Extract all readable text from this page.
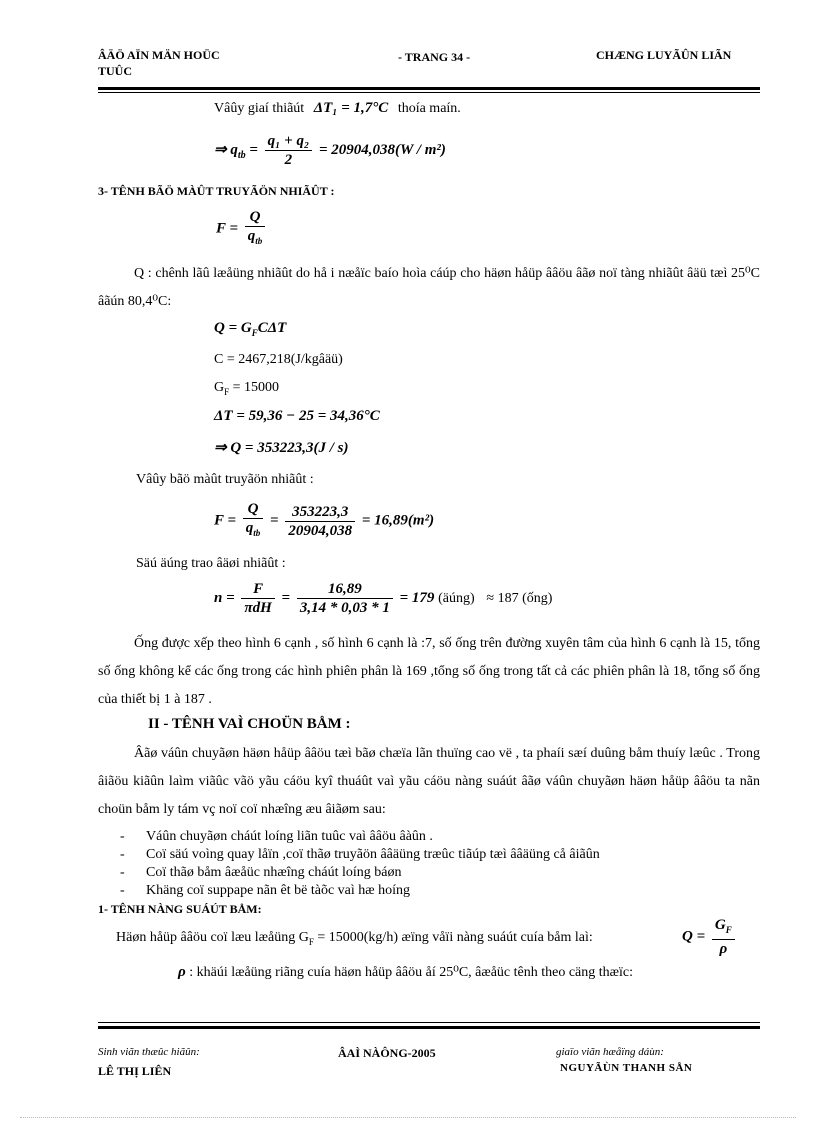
ÂÄÖ AÏN MÄN HOÜC
TUÛC
- TRANG 34 -	CHÆNG LUYÃÛN LIÃN
Vâûy giaí thiãút ΔT₁ = 1,7°C thoía maín.
⇒ $q_{tb} = \frac{\text{q₁ + q₂}}{2} = 20904,038(W / m^2)$
3- TÊNH BÃÖ MÀÛT TRUYÃÖN NHIÃÛT :
$F = \frac{Q}{q_{tb}}$
Q : chênh lãû læåüng nhiãût do hå i næåïc baío hoìa cáúp cho häøn håüp ââöu âãø noï tàng nhiãût âäü tæì 25⁰C âãún 80,4⁰C:
$Q = G_FC\Delta T$
C = 2467,218(J/kgâäü)
$G_F = 15000$
ΔT = 59,36 − 25 = 34,36°C
⇒ Q = 353223,3(J / s)
Vâûy bãö màût truyãön nhiãût :
$F = \frac{Q}{q_{tb}} = \frac{353223,3}{20904,038} = 16,89(m^2)$
Säú äúng trao âäøi nhiãût :
$n = \frac{F}{\text{πdH}} = \frac{16,89}{3,14 * 0,03 * 1} = 179$ (äúng) ≈ 187 (ống)
Ống được xếp theo hình 6 cạnh , số hình 6 cạnh là :7, số ống trên đường xuyên tâm của hình 6 cạnh là 15, tổng số ống không kể các ống trong các hình phiên phân là 169 ,tổng số ống trong tất cả các phiên phân là 18, tổng số ống của thiết bị 1 à 187 .
II - TÊNH VAÌ CHOÜN BÅM :
Âãø váûn chuyãøn häøn håüp ââöu tæì bãø chæïa lãn thuïng cao vë , ta phaíi sæí duûng båm thuíy læûc . Trong âiãöu kiãûn laìm viãûc vãö yãu cáöu kyî thuáût vaì yãu cáöu nàng suáút âãø váûn chuyãøn häøn håüp ââöu ta nãn choün båm ly tám vç noï coï nhæîng æu âiãøm sau:
-	Váûn chuyãøn cháút loíng liãn tuûc vaì ââöu âàûn .
-	Coï säú voìng quay låïn ,coï thãø truyãön ââäüng træûc tiãúp tæì ââäüng cå âiãûn
-	Coï thãø båm âæåüc nhæîng cháút loíng báøn
-	Khäng coï suppape nãn êt bë tàõc vaì hæ hoíng
1- TÊNH NÀNG SUÁÚT BÅM:
Häøn håüp ââöu coï læu læåüng $G_F = 15000(kg/h)$ æïng våïi nàng suáút cuía båm laì:	$Q = \frac{G_F}{\rho}$
ρ : khäúi læåüng riãng cuía häøn håüp ââöu åí 25⁰C, âæåüc tênh theo cäng thæïc:
Sinh viãn thæûc hiãûn:
LÊ THỊ LIÊN
ÂAÌ NÀÔNG-2005	giaïo viãn hæåïng dáùn:
NGUYÃÙN THANH SÅN
